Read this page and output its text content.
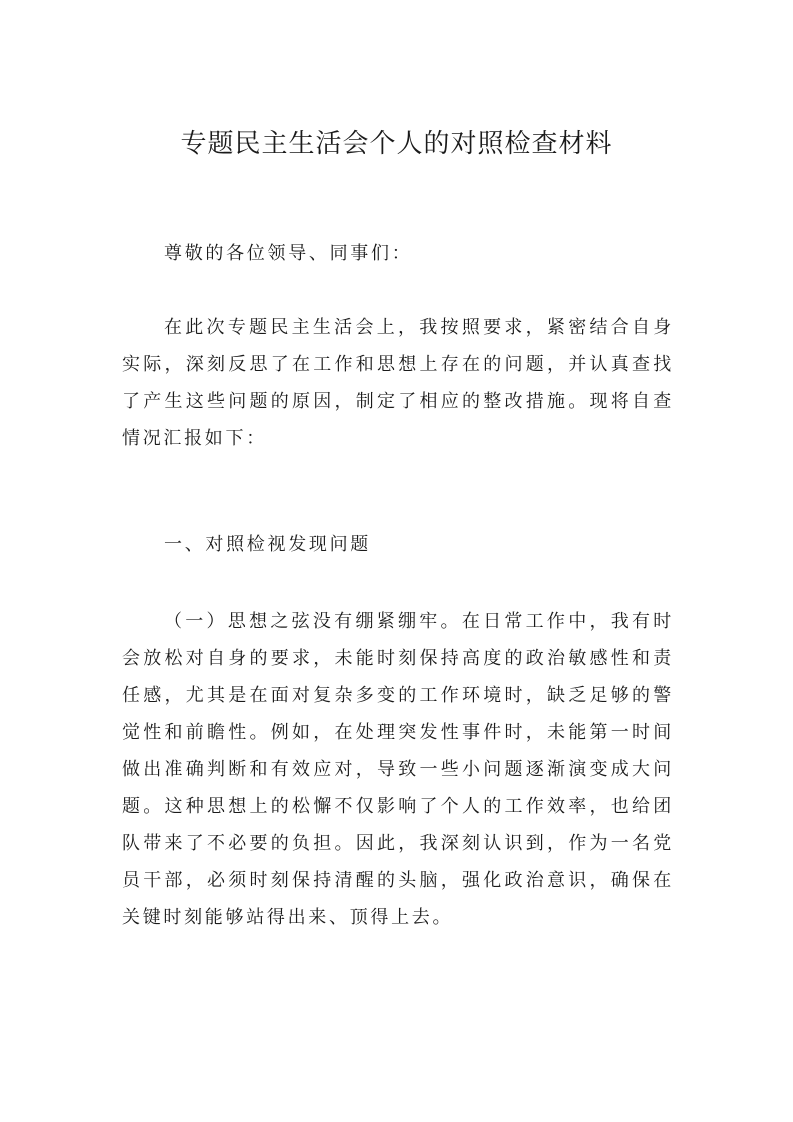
专题民主生活会个人的对照检查材料

尊敬的各位领导、同事们：

在此次专题民主生活会上，我按照要求，紧密结合自身实际，深刻反思了在工作和思想上存在的问题，并认真查找了产生这些问题的原因，制定了相应的整改措施。现将自查情况汇报如下：

一、对照检视发现问题

（一）思想之弦没有绷紧绷牢。在日常工作中，我有时会放松对自身的要求，未能时刻保持高度的政治敏感性和责任感，尤其是在面对复杂多变的工作环境时，缺乏足够的警觉性和前瞻性。例如，在处理突发性事件时，未能第一时间做出准确判断和有效应对，导致一些小问题逐渐演变成大问题。这种思想上的松懈不仅影响了个人的工作效率，也给团队带来了不必要的负担。因此，我深刻认识到，作为一名党员干部，必须时刻保持清醒的头脑，强化政治意识，确保在关键时刻能够站得出来、顶得上去。
